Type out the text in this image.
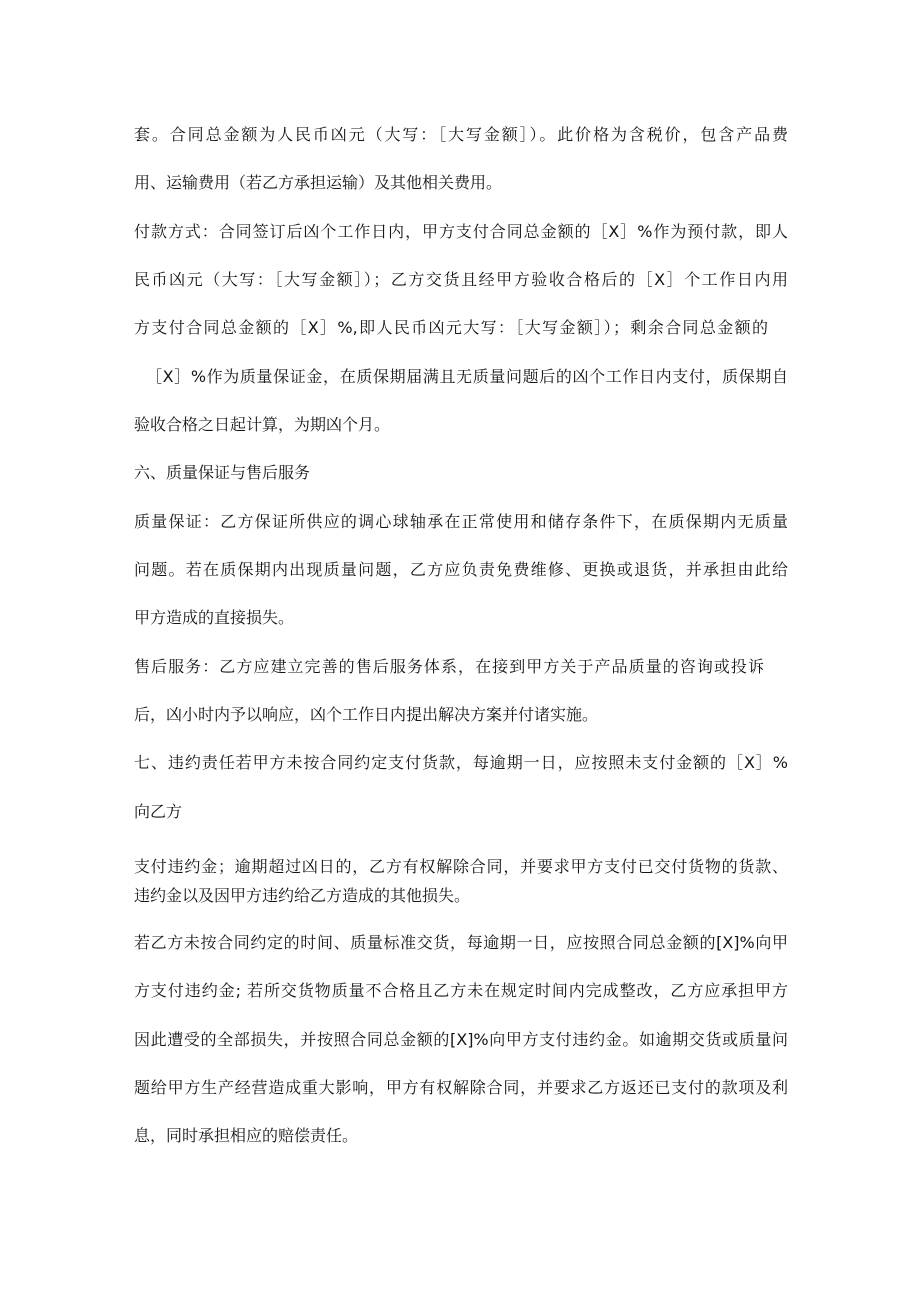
套。合同总金额为人民币凶元（大写：［大写金额］）。此价格为含税价，包含产品费

用、运输费用（若乙方承担运输）及其他相关费用。

付款方式：合同签订后凶个工作日内，甲方支付合同总金额的［X］%作为预付款，即人

民币凶元（大写：［大写金额］）；乙方交货且经甲方验收合格后的［X］个工作日内用

方支付合同总金额的［X］%,即人民币凶元大写：［大写金额］）；剩余合同总金额的

［X］%作为质量保证金，在质保期届满且无质量问题后的凶个工作日内支付，质保期自

验收合格之日起计算，为期凶个月。

六、质量保证与售后服务

质量保证：乙方保证所供应的调心球轴承在正常使用和储存条件下，在质保期内无质量

问题。若在质保期内出现质量问题，乙方应负责免费维修、更换或退货，并承担由此给

甲方造成的直接损失。

售后服务：乙方应建立完善的售后服务体系，在接到甲方关于产品质量的咨询或投诉

后，凶小时内予以响应，凶个工作日内提出解决方案并付诸实施。

七、违约责任若甲方未按合同约定支付货款，每逾期一日，应按照未支付金额的［X］%

向乙方

支付违约金；逾期超过凶日的，乙方有权解除合同，并要求甲方支付已交付货物的货款、

违约金以及因甲方违约给乙方造成的其他损失。

若乙方未按合同约定的时间、质量标准交货，每逾期一日，应按照合同总金额的[X]%向甲

方支付违约金; 若所交货物质量不合格且乙方未在规定时间内完成整改，乙方应承担甲方

因此遭受的全部损失，并按照合同总金额的[X]%向甲方支付违约金。如逾期交货或质量问

题给甲方生产经营造成重大影响，甲方有权解除合同，并要求乙方返还已支付的款项及利

息，同时承担相应的赔偿责任。
